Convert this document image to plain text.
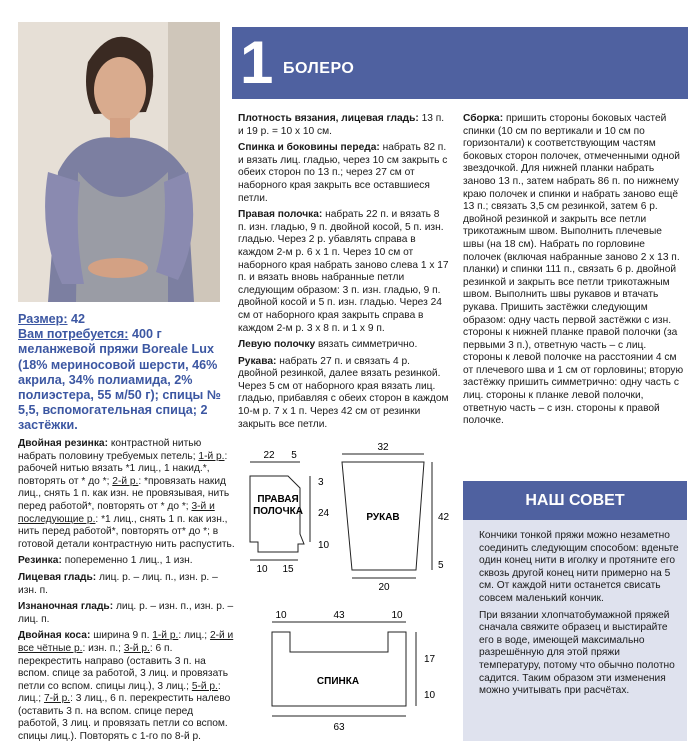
1 БОЛЕРО
Размер: 42
Вам потребуется: 400 г меланжевой пряжи Boreale Lux (18% мериносовой шерсти, 46% акрила, 34% полиамида, 2% полиэстера, 55 м/50 г); спицы № 5,5, вспомогательная спица; 2 застёжки.

Двойная резинка: контрастной нитью набрать половину требуемых петель; 1-й р.: рабочей нитью вязать *1 лиц., 1 накид.*, повторять от * до *; 2-й р.: *провязать накид лиц., снять 1 п. как изн. не провязывая, нить перед работой*, повторять от * до *; 3-й и последующие р.: *1 лиц., снять 1 п. как изн., нить перед работой*, повторять от* до *; в готовой детали контрастную нить распустить.

Резинка: попеременно 1 лиц., 1 изн.

Лицевая гладь: лиц. р. – лиц. п., изн. р. – изн. п.

Изнаночная гладь: лиц. р. – изн. п., изн. р. – лиц. п.

Двойная коса: ширина 9 п. 1-й р.: лиц.; 2-й и все чётные р.: изн. п.; 3-й р.: 6 п. перекрестить направо (оставить 3 п. на вспом. спице за работой, 3 лиц. и провязать петли со вспом. спицы лиц.), 3 лиц.; 5-й р.: лиц.; 7-й р.: 3 лиц., 6 п. перекрестить налево (оставить 3 п. на вспом. спице перед работой, 3 лиц. и провязать петли со вспом. спицы лиц.). Повторять с 1-го по 8-й р.

Плотность вязания, лицевая гладь: 13 п. и 19 р. = 10 x 10 см.

Спинка и боковины переда: набрать 82 п. и вязать лиц. гладью, через 10 см закрыть с обеих сторон по 13 п.; через 27 см от наборного края закрыть все оставшиеся петли.

Правая полочка: набрать 22 п. и вязать 8 п. изн. гладью, 9 п. двойной косой, 5 п. изн. гладью. Через 2 р. убавлять справа в каждом 2-м р. 6 x 1 п. Через 10 см от наборного края набрать заново слева 1 x 17 п. и вязать вновь набранные петли следующим образом: 3 п. изн. гладью, 9 п. двойной косой и 5 п. изн. гладью. Через 24 см от наборного края закрыть справа в каждом 2-м р. 3 x 8 п. и 1 x 9 п.

Левую полочку вязать симметрично.

Рукава: набрать 27 п. и связать 4 р. двойной резинкой, далее вязать резинкой. Через 5 см от наборного края вязать лиц. гладью, прибавляя с обеих сторон в каждом 10-м р. 7 x 1 п. Через 42 см от резинки закрыть все петли.

Сборка: пришить стороны боковых частей спинки (10 см по вертикали и 10 см по горизонтали) к соответствующим частям боковых сторон полочек, отмеченными одной звездочкой. Для нижней планки набрать заново 13 п., затем набрать 86 п. по нижнему краю полочек и спинки и набрать заново ещё 13 п.; связать 3,5 см резинкой, затем 6 р. двойной резинкой и закрыть все петли трикотажным швом. Выполнить плечевые швы (на 18 см). Набрать по горловине полочек (включая набранные заново 2 x 13 п. планки) и спинки 111 п., связать 6 р. двойной резинкой и закрыть все петли трикотажным швом. Выполнить швы рукавов и втачать рукава. Пришить застёжки следующим образом: одну часть первой застёжки с изн. стороны к нижней планке правой полочки (за первыми 3 п.), ответную часть – с лиц. стороны к левой полочке на расстоянии 4 см от плечевого шва и 1 см от горловины; вторую застёжку пришить симметрично: одну часть с лиц. стороны к планке левой полочки, ответную часть – с изн. стороны к правой полочке.

ПРАВАЯ
ПОЛОЧКА
22 5
3
24
10
10 15
РУКАВ
32
42
5
20
СПИНКА
10	43	10
17
10
63
НАШ СОВЕТ

Кончики тонкой пряжи можно незаметно соединить следующим способом: вденьте один конец нити в иголку и протяните его сквозь другой конец нити примерно на 5 см. От каждой нити останется свисать совсем маленький кончик.

При вязании хлопчатобумажной пряжей сначала свяжите образец и выстирайте его в воде, имеющей максимально разрешённую для этой пряжи температуру, потому что обычно полотно садится. Таким образом эти изменения можно учитывать при расчётах.
